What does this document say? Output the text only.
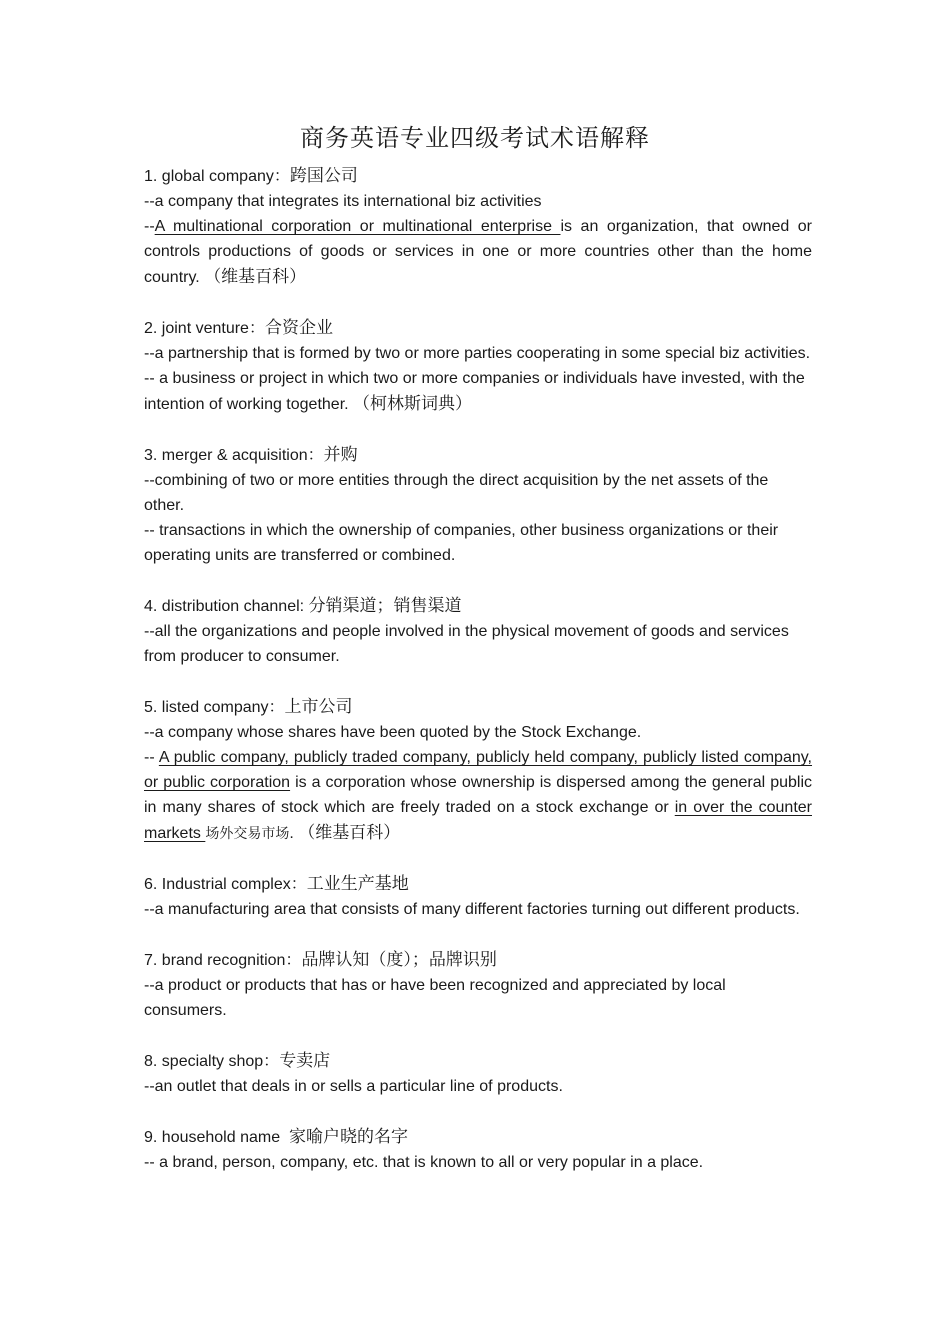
商务英语专业四级考试术语解释

1. global company：跨国公司

--a company that integrates its international biz activities

--A multinational corporation or multinational enterprise is an organization, that owned or controls productions of goods or services in one or more countries other than the home country. （维基百科）

2. joint venture：合资企业

--a partnership that is formed by two or more parties cooperating in some special biz activities.

-- a business or project in which two or more companies or individuals have invested, with the intention of working together. （柯林斯词典）

3. merger & acquisition：并购

--combining of two or more entities through the direct acquisition by the net assets of the other.

-- transactions in which the ownership of companies, other business organizations or their operating units are transferred or combined.

4. distribution channel: 分销渠道；销售渠道

--all the organizations and people involved in the physical movement of goods and services from producer to consumer.

5. listed company：上市公司

--a company whose shares have been quoted by the Stock Exchange.

-- A public company, publicly traded company, publicly held company, publicly listed company, or public corporation is a corporation whose ownership is dispersed among the general public in many shares of stock which are freely traded on a stock exchange or in over the counter markets 场外交易市场. （维基百科）

6. Industrial complex：工业生产基地

--a manufacturing area that consists of many different factories turning out different products.

7. brand recognition：品牌认知（度）；品牌识别

--a product or products that has or have been recognized and appreciated by local consumers.

8. specialty shop：专卖店

--an outlet that deals in or sells a particular line of products.

9. household name 家喻户晓的名字

-- a brand, person, company, etc. that is known to all or very popular in a place.
